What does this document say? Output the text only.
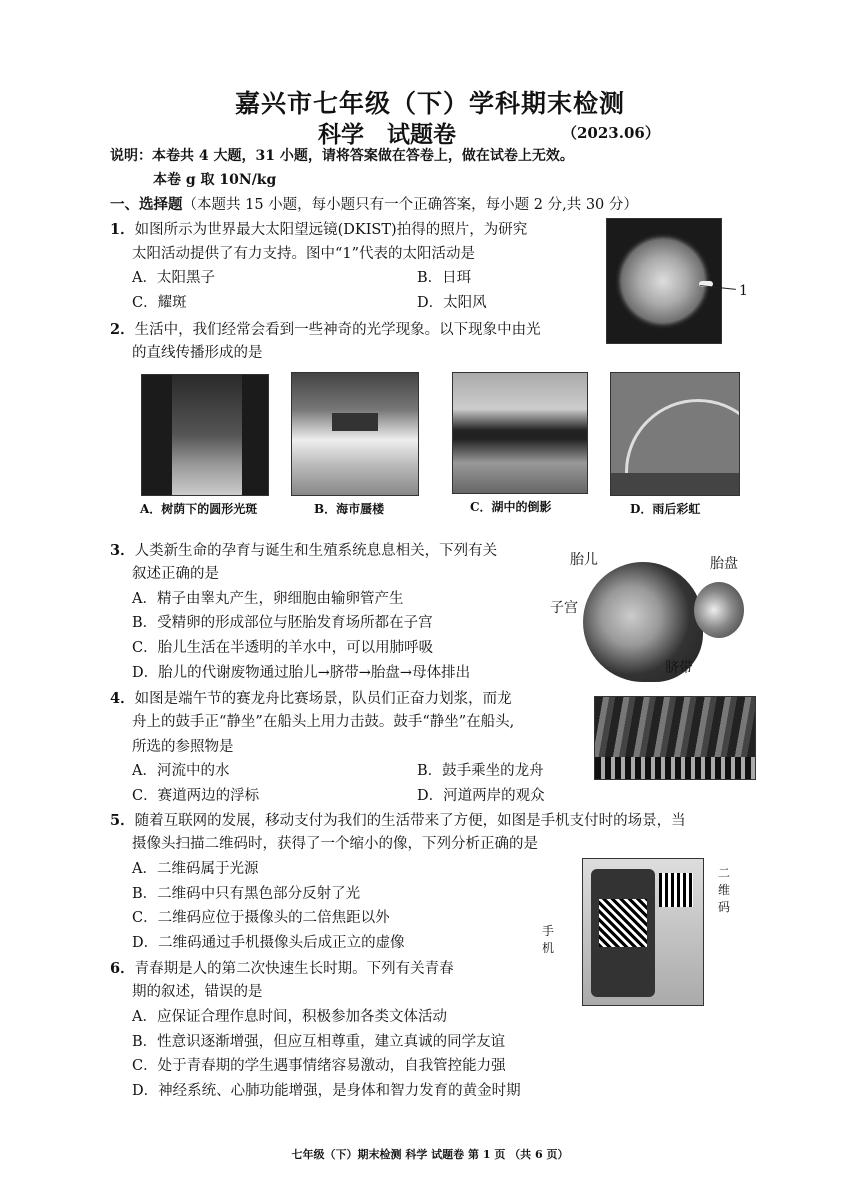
嘉兴市七年级（下）学科期末检测
科学　试题卷	（2023.06）
说明：本卷共 4 大题，31 小题，请将答案做在答卷上，做在试卷上无效。
本卷 g 取 10N/kg
一、选择题（本题共 15 小题，每小题只有一个正确答案，每小题 2 分,共 30 分）
1．如图所示为世界最大太阳望远镜(DKIST)拍得的照片，为研究
太阳活动提供了有力支持。图中“1”代表的太阳活动是
A．太阳黑子	B．日珥
C．耀斑	D．太阳风
1
2．生活中，我们经常会看到一些神奇的光学现象。以下现象中由光
的直线传播形成的是
A．树荫下的圆形光斑	B．海市蜃楼	C．湖中的倒影	D．雨后彩虹
3．人类新生命的孕育与诞生和生殖系统息息相关，下列有关
叙述正确的是
A．精子由睾丸产生，卵细胞由输卵管产生
B．受精卵的形成部位与胚胎发育场所都在子宫
C．胎儿生活在半透明的羊水中，可以用肺呼吸
D．胎儿的代谢废物通过胎儿→脐带→胎盘→母体排出
胎儿	胎盘
子宫
脐带
4．如图是端午节的赛龙舟比赛场景，队员们正奋力划浆，而龙
舟上的鼓手正“静坐”在船头上用力击鼓。鼓手“静坐”在船头,
所选的参照物是
A．河流中的水	B．鼓手乘坐的龙舟
C．赛道两边的浮标	D．河道两岸的观众
5．随着互联网的发展，移动支付为我们的生活带来了方便，如图是手机支付时的场景，当
摄像头扫描二维码时，获得了一个缩小的像，下列分析正确的是
A．二维码属于光源
B．二维码中只有黑色部分反射了光
C．二维码应位于摄像头的二倍焦距以外
D．二维码通过手机摄像头后成正立的虚像
二
维
码
手
机
6．青春期是人的第二次快速生长时期。下列有关青春
期的叙述，错误的是
A．应保证合理作息时间，积极参加各类文体活动
B．性意识逐渐增强，但应互相尊重，建立真诚的同学友谊
C．处于青春期的学生遇事情绪容易激动，自我管控能力强
D．神经系统、心肺功能增强，是身体和智力发育的黄金时期
七年级（下）期末检测 科学 试题卷 第 1 页 （共 6 页）
